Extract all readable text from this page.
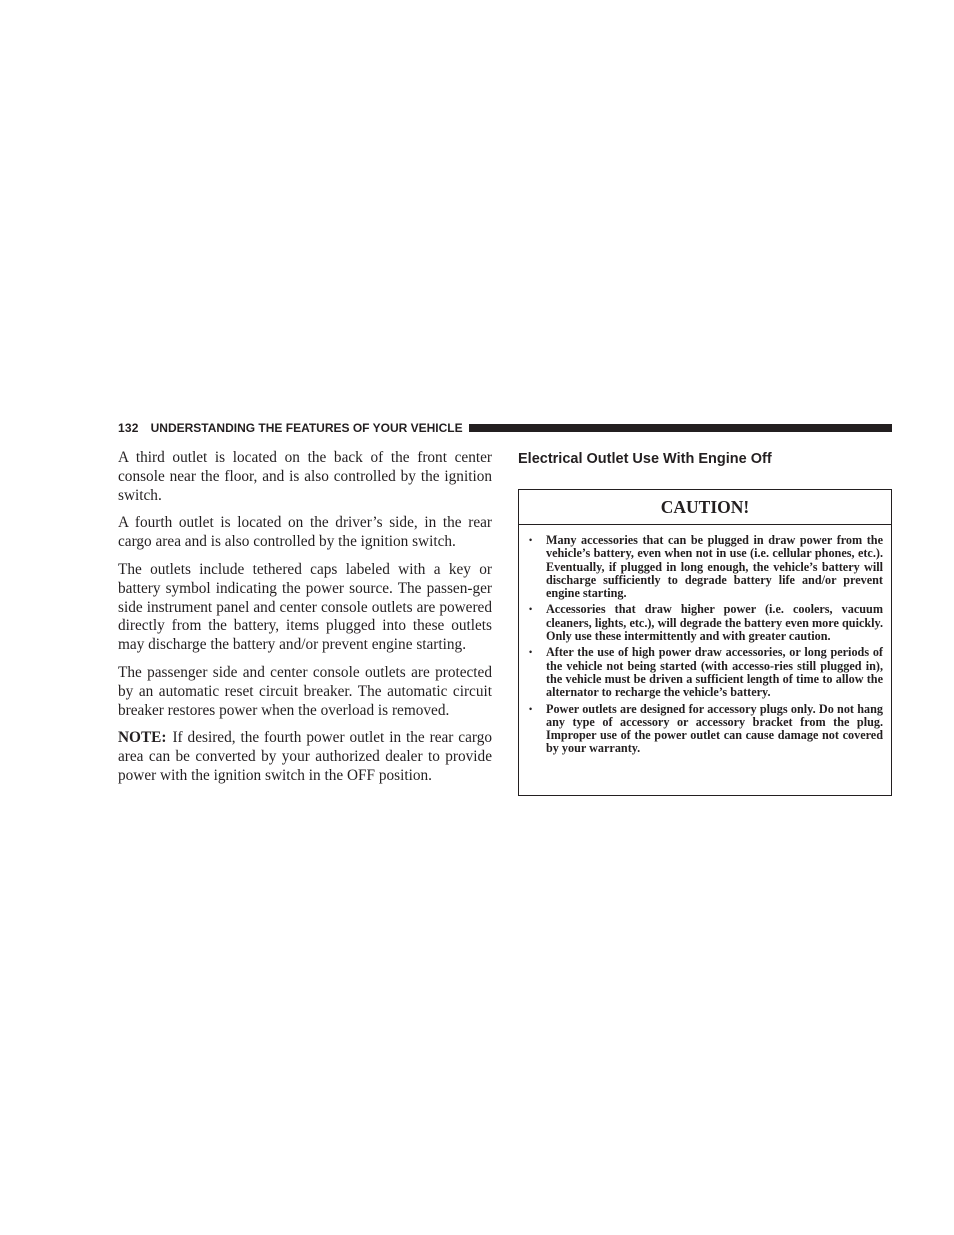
132 UNDERSTANDING THE FEATURES OF YOUR VEHICLE

A third outlet is located on the back of the front center console near the floor, and is also controlled by the ignition switch.

A fourth outlet is located on the driver’s side, in the rear cargo area and is also controlled by the ignition switch.

The outlets include tethered caps labeled with a key or battery symbol indicating the power source. The passen-ger side instrument panel and center console outlets are powered directly from the battery, items plugged into these outlets may discharge the battery and/or prevent engine starting.

The passenger side and center console outlets are protected by an automatic reset circuit breaker. The automatic circuit breaker restores power when the overload is removed.

NOTE: If desired, the fourth power outlet in the rear cargo area can be converted by your authorized dealer to provide power with the ignition switch in the OFF position.

Electrical Outlet Use With Engine Off
CAUTION!
•	Many accessories that can be plugged in draw power from the vehicle’s battery, even when not in use (i.e. cellular phones, etc.). Eventually, if plugged in long enough, the vehicle’s battery will discharge sufficiently to degrade battery life and/or prevent engine starting.
•	Accessories that draw higher power (i.e. coolers, vacuum cleaners, lights, etc.), will degrade the battery even more quickly. Only use these intermittently and with greater caution.
•	After the use of high power draw accessories, or long periods of the vehicle not being started (with accesso-ries still plugged in), the vehicle must be driven a sufficient length of time to allow the alternator to recharge the vehicle’s battery.
•	Power outlets are designed for accessory plugs only. Do not hang any type of accessory or accessory bracket from the plug. Improper use of the power outlet can cause damage not covered by your warranty.
